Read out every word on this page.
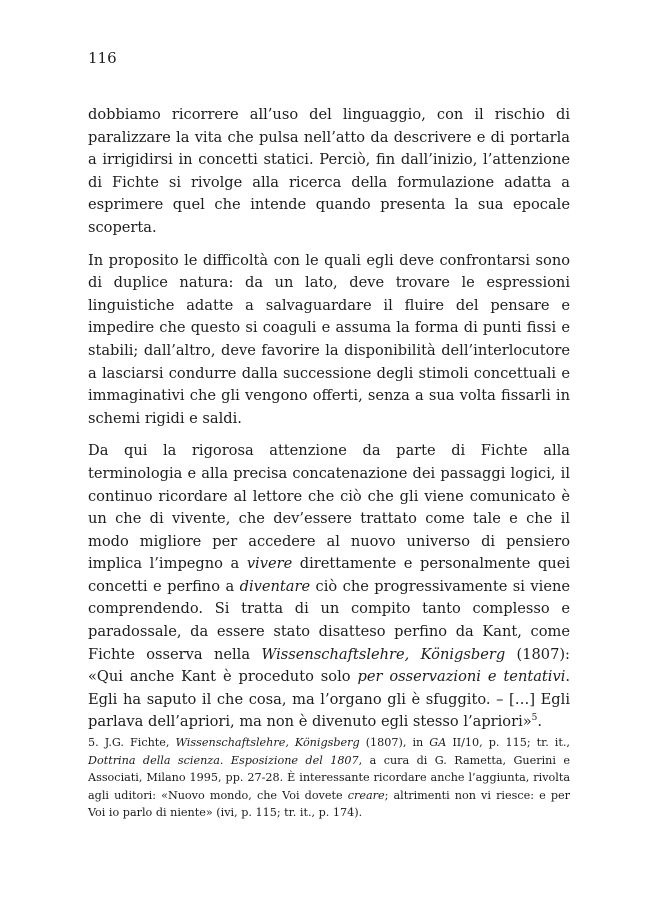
116

dobbiamo ricorrere all’uso del linguaggio, con il rischio di paralizzare la vita che pulsa nell’atto da descrivere e di portarla a irrigidirsi in concetti statici. Perciò, fin dall’inizio, l’attenzione di Fichte si rivolge alla ricerca della formulazione adatta a esprimere quel che intende quando presenta la sua epocale scoperta.

In proposito le difficoltà con le quali egli deve confrontarsi sono di duplice natura: da un lato, deve trovare le espressioni linguistiche adatte a salvaguardare il fluire del pensare e impedire che questo si coaguli e assuma la forma di punti fissi e stabili; dall’altro, deve favorire la disponibilità dell’interlocutore a lasciarsi condurre dalla successione degli stimoli concettuali e immaginativi che gli vengono offerti, senza a sua volta fissarli in schemi rigidi e saldi.

Da qui la rigorosa attenzione da parte di Fichte alla terminologia e alla precisa concatenazione dei passaggi logici, il continuo ricordare al lettore che ciò che gli viene comunicato è un che di vivente, che dev’essere trattato come tale e che il modo migliore per accedere al nuovo universo di pensiero implica l’impegno a vivere direttamente e personalmente quei concetti e perfino a diventare ciò che progressivamente si viene comprendendo. Si tratta di un compito tanto complesso e paradossale, da essere stato disatteso perfino da Kant, come Fichte osserva nella Wissenschaftslehre, Königsberg (1807): «Qui anche Kant è proceduto solo per osservazioni e tentativi. Egli ha saputo il che cosa, ma l’organo gli è sfuggito. – […] Egli parlava dell’apriori, ma non è divenuto egli stesso l’apriori»$^5$.

5. J.G. Fichte, Wissenschaftslehre, Königsberg (1807), in GA II/10, p. 115; tr. it., Dottrina della scienza. Esposizione del 1807, a cura di G. Rametta, Guerini e Associati, Milano 1995, pp. 27-28. È interessante ricordare anche l’aggiunta, rivolta agli uditori: «Nuovo mondo, che Voi dovete creare; altrimenti non vi riesce: e per Voi io parlo di niente» (ivi, p. 115; tr. it., p. 174).
